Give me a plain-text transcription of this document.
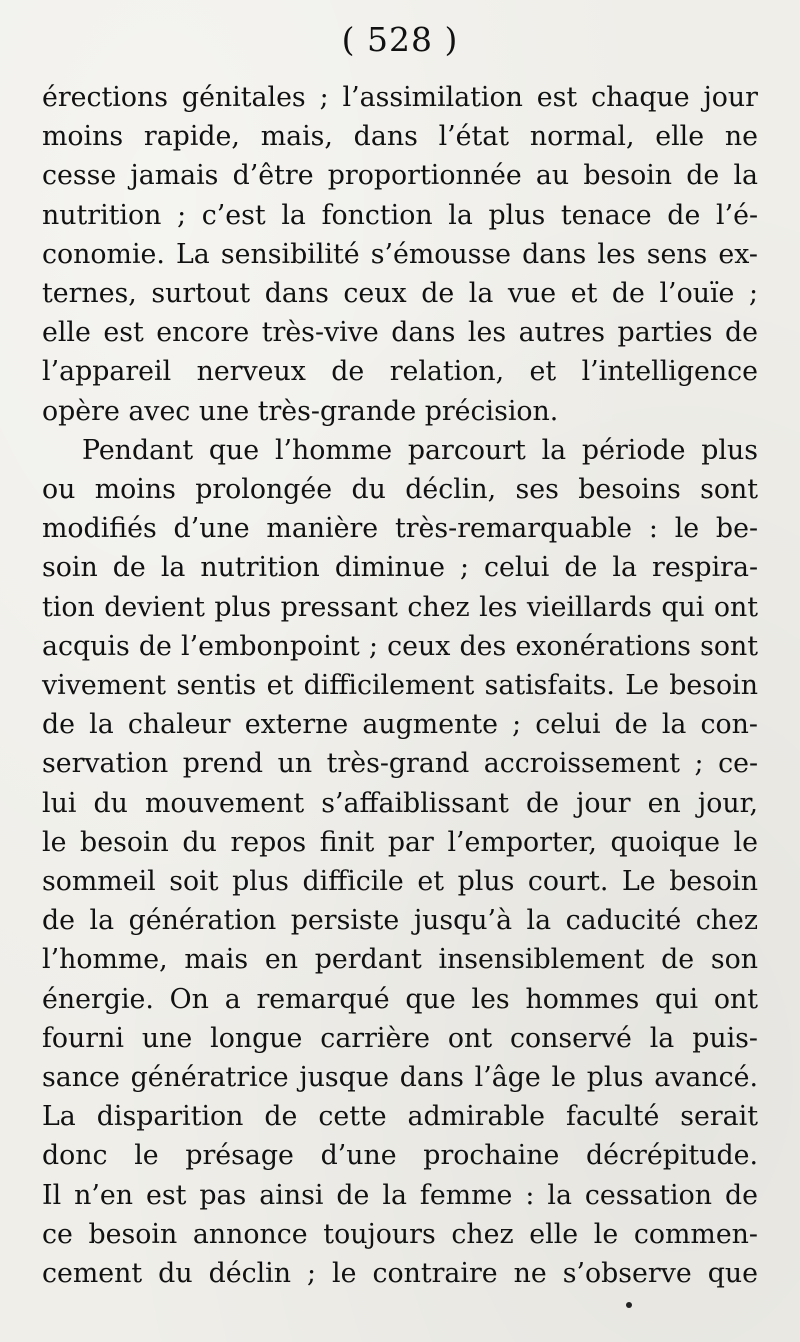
( 528 )
érections génitales ; l’assimilation est chaque jour
moins rapide, mais, dans l’état normal, elle ne
cesse jamais d’être proportionnée au besoin de la
nutrition ; c’est la fonction la plus tenace de l’é-
conomie. La sensibilité s’émousse dans les sens ex-
ternes, surtout dans ceux de la vue et de l’ouïe ;
elle est encore très-vive dans les autres parties de
l’appareil nerveux de relation, et l’intelligence
opère avec une très-grande précision.
Pendant que l’homme parcourt la période plus
ou moins prolongée du déclin, ses besoins sont
modifiés d’une manière très-remarquable : le be-
soin de la nutrition diminue ; celui de la respira-
tion devient plus pressant chez les vieillards qui ont
acquis de l’embonpoint ; ceux des exonérations sont
vivement sentis et difficilement satisfaits. Le besoin
de la chaleur externe augmente ; celui de la con-
servation prend un très-grand accroissement ; ce-
lui du mouvement s’affaiblissant de jour en jour,
le besoin du repos finit par l’emporter, quoique le
sommeil soit plus difficile et plus court. Le besoin
de la génération persiste jusqu’à la caducité chez
l’homme, mais en perdant insensiblement de son
énergie. On a remarqué que les hommes qui ont
fourni une longue carrière ont conservé la puis-
sance génératrice jusque dans l’âge le plus avancé.
La disparition de cette admirable faculté serait
donc le présage d’une prochaine décrépitude.
Il n’en est pas ainsi de la femme : la cessation de
ce besoin annonce toujours chez elle le commen-
cement du déclin ; le contraire ne s’observe que
